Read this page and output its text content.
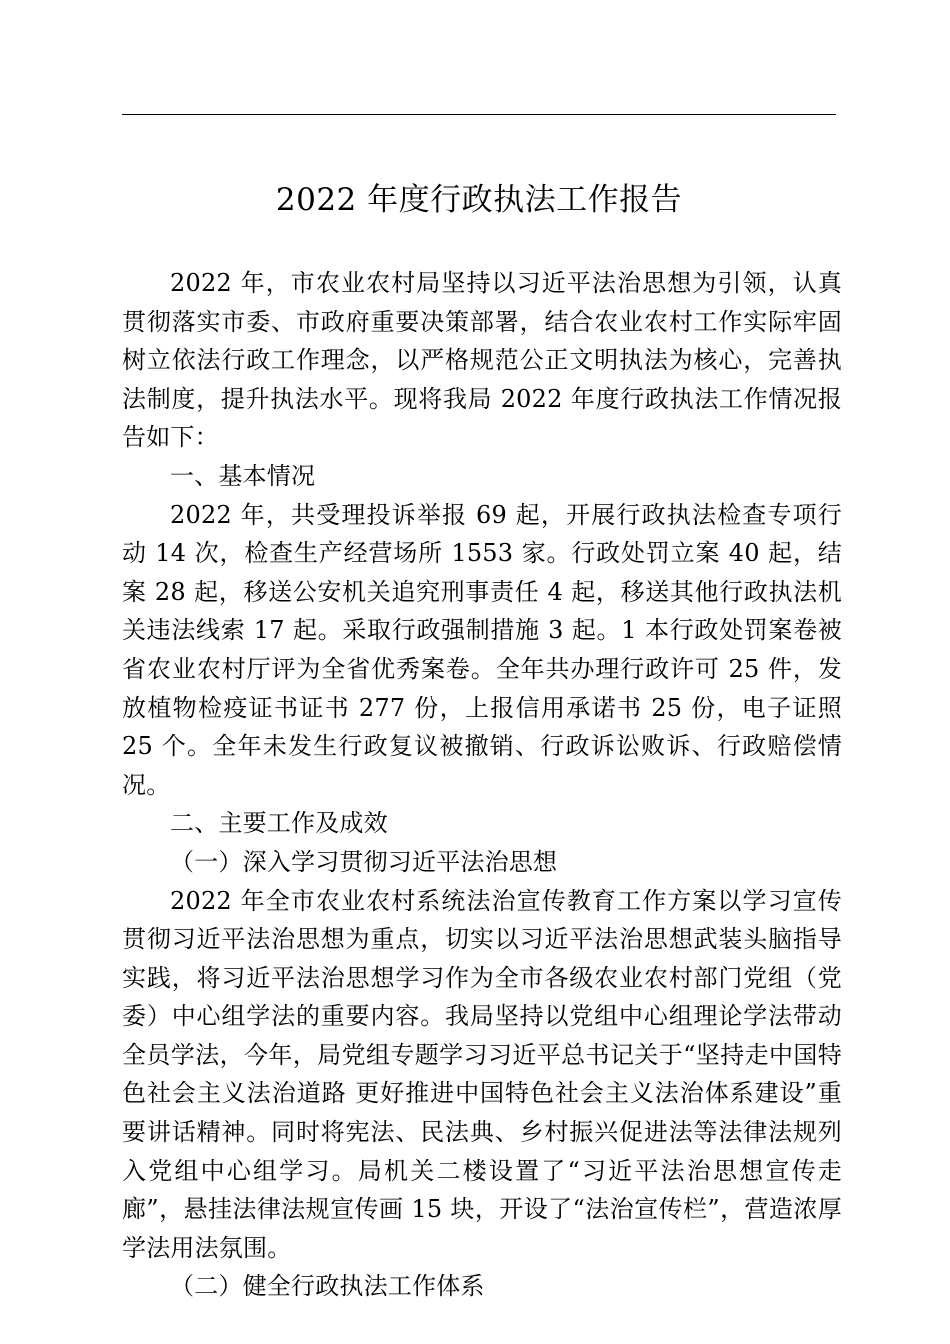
2022 年度行政执法工作报告

2022 年，市农业农村局坚持以习近平法治思想为引领，认真贯彻落实市委、市政府重要决策部署，结合农业农村工作实际牢固树立依法行政工作理念，以严格规范公正文明执法为核心，完善执法制度，提升执法水平。现将我局 2022 年度行政执法工作情况报告如下：

一、基本情况

2022 年，共受理投诉举报 69 起，开展行政执法检查专项行动 14 次，检查生产经营场所 1553 家。行政处罚立案 40 起，结案 28 起，移送公安机关追究刑事责任 4 起，移送其他行政执法机关违法线索 17 起。采取行政强制措施 3 起。1 本行政处罚案卷被省农业农村厅评为全省优秀案卷。全年共办理行政许可 25 件，发放植物检疫证书证书 277 份，上报信用承诺书 25 份，电子证照 25 个。全年未发生行政复议被撤销、行政诉讼败诉、行政赔偿情况。

二、主要工作及成效

（一）深入学习贯彻习近平法治思想

2022 年全市农业农村系统法治宣传教育工作方案以学习宣传贯彻习近平法治思想为重点，切实以习近平法治思想武装头脑指导实践，将习近平法治思想学习作为全市各级农业农村部门党组（党委）中心组学法的重要内容。我局坚持以党组中心组理论学法带动全员学法，今年，局党组专题学习习近平总书记关于“坚持走中国特色社会主义法治道路 更好推进中国特色社会主义法治体系建设”重要讲话精神。同时将宪法、民法典、乡村振兴促进法等法律法规列入党组中心组学习。局机关二楼设置了“习近平法治思想宣传走廊”，悬挂法律法规宣传画 15 块，开设了“法治宣传栏”，营造浓厚学法用法氛围。

（二）健全行政执法工作体系
